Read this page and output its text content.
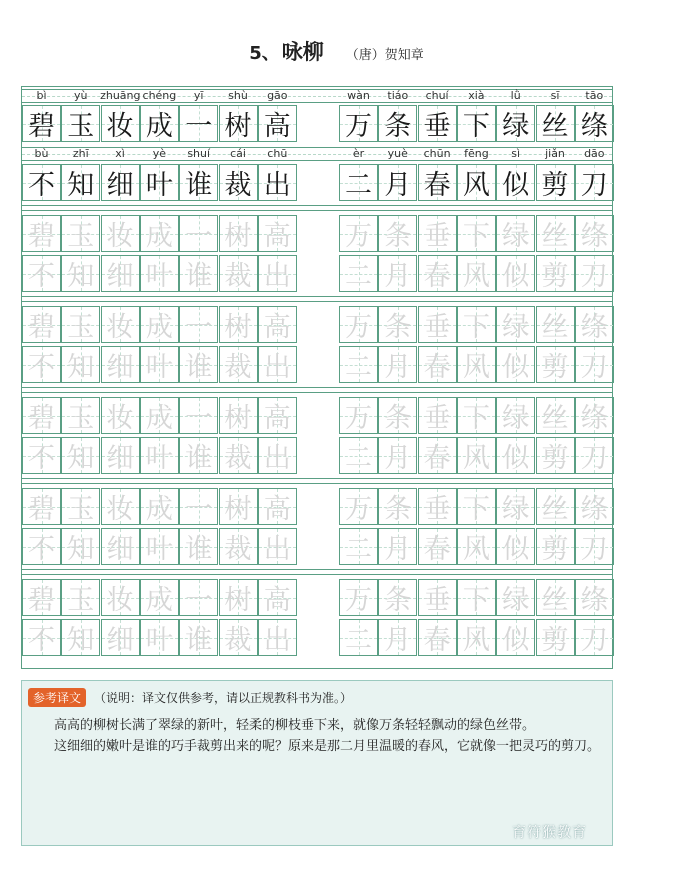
5、咏柳 （唐）贺知章
bì	yù	zhuāng chéng	yī	shù	gāo	wàn	tiáo	chuí	xià	lǜ	sī	tāo
碧 玉 妆 成 一 树 高 万 条 垂 下 绿 丝 绦
bù	zhī	xì	yè	shuí	cái	chū	èr	yuè	chūn	fēng	sì	jiǎn	dāo
不 知 细 叶 谁 裁 出 二 月 春 风 似 剪 刀
碧 玉 妆 成 一 树 高 万 条 垂 下 绿 丝 绦
不 知 细 叶 谁 裁 出 二 月 春 风 似 剪 刀
碧 玉 妆 成 一 树 高 万 条 垂 下 绿 丝 绦
不 知 细 叶 谁 裁 出 二 月 春 风 似 剪 刀
碧 玉 妆 成 一 树 高 万 条 垂 下 绿 丝 绦
不 知 细 叶 谁 裁 出 二 月 春 风 似 剪 刀
碧 玉 妆 成 一 树 高 万 条 垂 下 绿 丝 绦
不 知 细 叶 谁 裁 出 二 月 春 风 似 剪 刀
碧 玉 妆 成 一 树 高 万 条 垂 下 绿 丝 绦
不 知 细 叶 谁 裁 出 二 月 春 风 似 剪 刀
参考译文	（说明：译文仅供参考，请以正规教科书为准。）

高高的柳树长满了翠绿的新叶，轻柔的柳枝垂下来，就像万条轻轻飘动的绿色丝带。

这细细的嫩叶是谁的巧手裁剪出来的呢？原来是那二月里温暖的春风，它就像一把灵巧的剪刀。

育符猴教育
